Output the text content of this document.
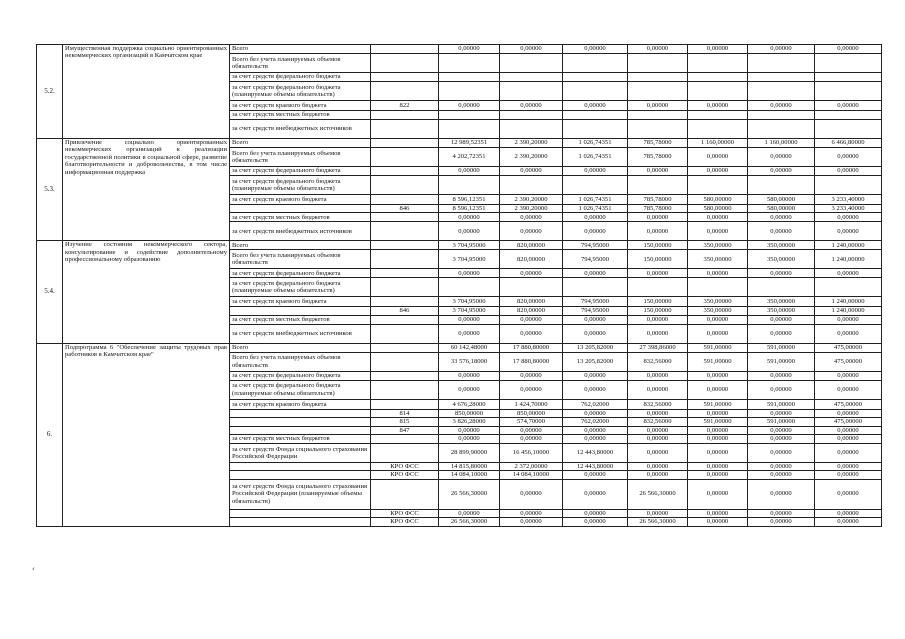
5.2.	Имущественная поддержка социально ориентированных некоммерческих организаций в Камчатском крае	Всего		0,00000	0,00000	0,00000	0,00000	0,00000	0,00000	0,00000
		Всего без учета планируемых объемов обязательств								
		за счет средств федерального бюджета								
		за счет средств федерального бюджета (планируемые объемы обязательств)								
		за счет средств краевого бюджета	822	0,00000	0,00000	0,00000	0,00000	0,00000	0,00000	0,00000
		за счет средств местных бюджетов								
		за счет средств внебюджетных источников								
5.3.	Привлечение социально ориентированных некоммерческих организаций к реализации государственной политики в социальной сфере, развитие благотворительности и добровольчества, в том числе информационная поддержка	Всего		12 989,52351	2 390,20000	1 026,74351	785,78000	1 160,00000	1 160,00000	6 466,80000
		Всего без учета планируемых объемов обязательств		4 202,72351	2 390,20000	1 026,74351	785,78000	0,00000	0,00000	0,00000
		за счет средств федерального бюджета		0,00000	0,00000	0,00000	0,00000	0,00000	0,00000	0,00000
		за счет средств федерального бюджета (планируемые объемы обязательств)								
		за счет средств краевого бюджета		8 596,12351	2 390,20000	1 026,74351	785,78000	580,00000	580,00000	3 233,40000
			846	8 596,12351	2 390,20000	1 026,74351	785,78000	580,00000	580,00000	3 233,40000
		за счет средств местных бюджетов		0,00000	0,00000	0,00000	0,00000	0,00000	0,00000	0,00000
		за счет средств внебюджетных источников		0,00000	0,00000	0,00000	0,00000	0,00000	0,00000	0,00000
5.4.	Изучение состояния некоммерческого сектора, консультирование и содействие дополнительному профессиональному образованию	Всего		3 704,95000	820,00000	794,95000	150,00000	350,00000	350,00000	1 240,00000
		Всего без учета планируемых объемов обязательств		3 704,95000	820,00000	794,95000	150,00000	350,00000	350,00000	1 240,00000
		за счет средств федерального бюджета		0,00000	0,00000	0,00000	0,00000	0,00000	0,00000	0,00000
		за счет средств федерального бюджета (планируемые объемы обязательств)								
		за счет средств краевого бюджета		3 704,95000	820,00000	794,95000	150,00000	350,00000	350,00000	1 240,00000
			846	3 704,95000	820,00000	794,95000	150,00000	350,00000	350,00000	1 240,00000
		за счет средств местных бюджетов		0,00000	0,00000	0,00000	0,00000	0,00000	0,00000	0,00000
		за счет средств внебюджетных источников		0,00000	0,00000	0,00000	0,00000	0,00000	0,00000	0,00000
6.	Подпрограмма 6 "Обеспечение защиты трудовых прав работников в Камчатском крае"	Всего		60 142,48000	17 880,80000	13 205,82000	27 398,86000	591,00000	591,00000	475,00000
		Всего без учета планируемых объемов обязательств		33 576,18000	17 880,80000	13 205,82000	832,56000	591,00000	591,00000	475,00000
		за счет средств федерального бюджета		0,00000	0,00000	0,00000	0,00000	0,00000	0,00000	0,00000
		за счет средств федерального бюджета (планируемые объемы обязательств)		0,00000	0,00000	0,00000	0,00000	0,00000	0,00000	0,00000
		за счет средств краевого бюджета		4 676,28000	1 424,70000	762,02000	832,56000	591,00000	591,00000	475,00000
			814	850,00000	850,00000	0,00000	0,00000	0,00000	0,00000	0,00000
			815	3 826,28000	574,70000	762,02000	832,56000	591,00000	591,00000	475,00000
			847	0,00000	0,00000	0,00000	0,00000	0,00000	0,00000	0,00000
		за счет средств местных бюджетов		0,00000	0,00000	0,00000	0,00000	0,00000	0,00000	0,00000
		за счет средств Фонда социального страхования Российской Федерации		28 899,90000	16 456,10000	12 443,80000	0,00000	0,00000	0,00000	0,00000
			КРО ФСС	14 815,80000	2 372,00000	12 443,80000	0,00000	0,00000	0,00000	0,00000
			КРО ФСС	14 084,10000	14 084,10000	0,00000	0,00000	0,00000	0,00000	0,00000
		за счет средств Фонда социального страхования Российской Федерации (планируемые объемы обязательств)		26 566,30000	0,00000	0,00000	26 566,30000	0,00000	0,00000	0,00000
			КРО ФСС	0,00000	0,00000	0,00000	0,00000	0,00000	0,00000	0,00000
			КРО ФСС	26 566,30000	0,00000	0,00000	26 566,30000	0,00000	0,00000	0,00000
‹
